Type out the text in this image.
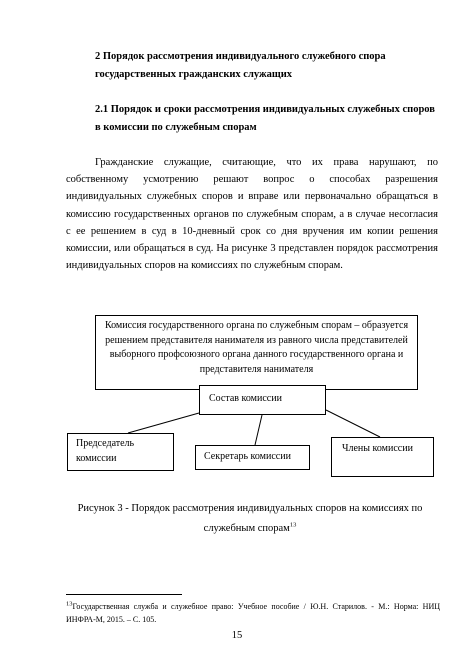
2 Порядок рассмотрения индивидуального служебного спора государственных гражданских служащих
2.1 Порядок и сроки рассмотрения индивидуальных служебных споров в комиссии по служебным спорам
Гражданские служащие, считающие, что их права нарушают, по собственному усмотрению решают вопрос о способах разрешения индивидуальных служебных споров и вправе или первоначально обращаться в комиссию государственных органов по служебным спорам, а в случае несогласия с ее решением в суд в 10-дневный срок со дня вручения им копии решения комиссии, или обращаться в суд. На рисунке 3 представлен порядок рассмотрения индивидуальных споров на комиссиях по служебным спорам.
Комиссия государственного органа по служебным спорам – образуется решением представителя нанимателя из равного числа представителей выборного профсоюзного органа данного государственного органа и представителя нанимателя
Состав комиссии
Председатель комиссии	Секретарь комиссии
Члены комиссии
Рисунок 3 - Порядок рассмотрения индивидуальных споров на комиссиях по служебным спорам$^{13}$
$^{13}$Государственная служба и служебное право: Учебное пособие / Ю.Н. Старилов. - М.: Норма: НИЦ ИНФРА-М, 2015. – С. 105.
15
